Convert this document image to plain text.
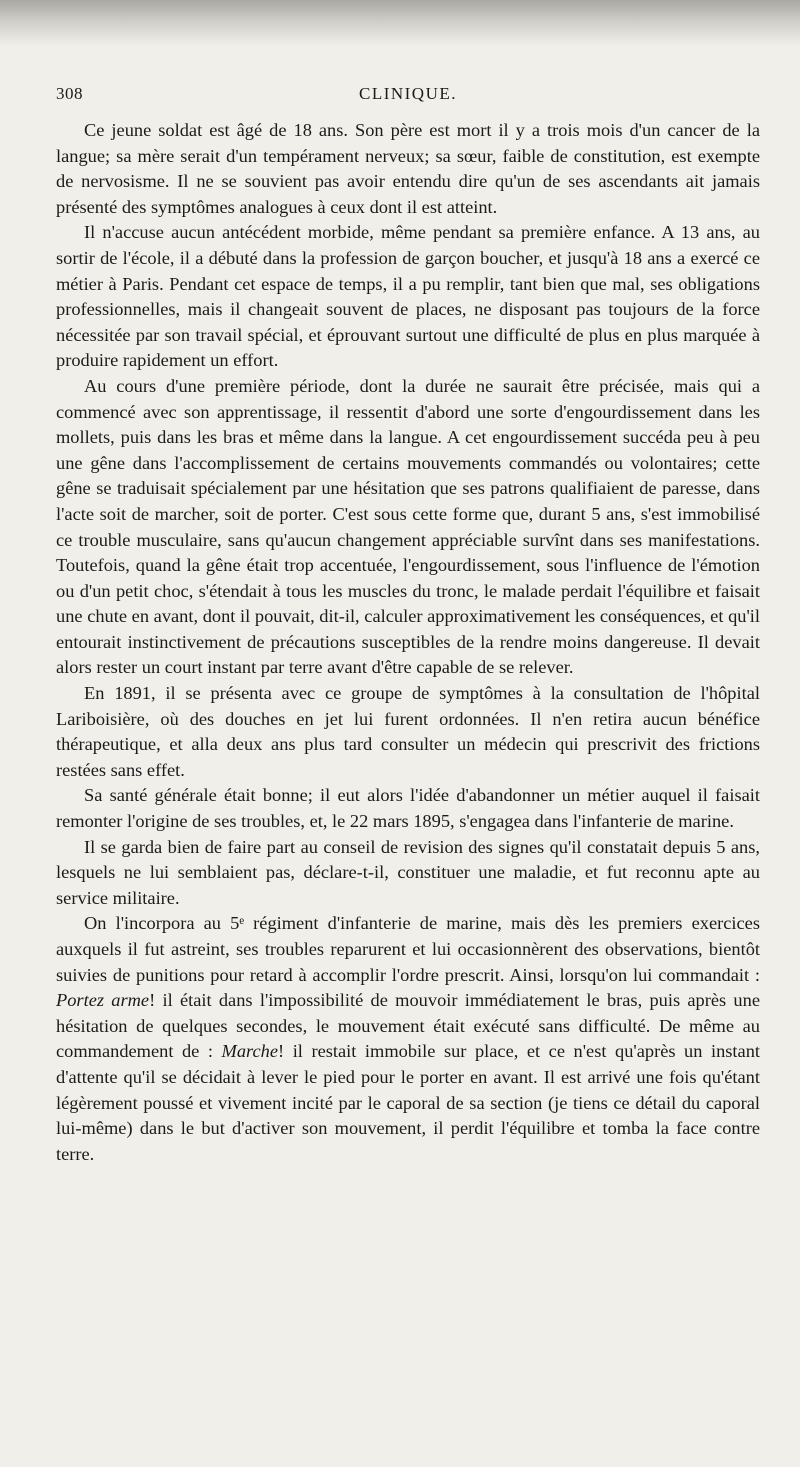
308	CLINIQUE.

Ce jeune soldat est âgé de 18 ans. Son père est mort il y a trois mois d'un cancer de la langue; sa mère serait d'un tempérament nerveux; sa sœur, faible de constitution, est exempte de nervosisme. Il ne se souvient pas avoir entendu dire qu'un de ses ascendants ait jamais présenté des symptômes analogues à ceux dont il est atteint.

Il n'accuse aucun antécédent morbide, même pendant sa première enfance. A 13 ans, au sortir de l'école, il a débuté dans la profession de garçon boucher, et jusqu'à 18 ans a exercé ce métier à Paris. Pendant cet espace de temps, il a pu remplir, tant bien que mal, ses obligations professionnelles, mais il changeait souvent de places, ne disposant pas toujours de la force nécessitée par son travail spécial, et éprouvant surtout une difficulté de plus en plus marquée à produire rapidement un effort.

Au cours d'une première période, dont la durée ne saurait être précisée, mais qui a commencé avec son apprentissage, il ressentit d'abord une sorte d'engourdissement dans les mollets, puis dans les bras et même dans la langue. A cet engourdissement succéda peu à peu une gêne dans l'accomplissement de certains mouvements commandés ou volontaires; cette gêne se traduisait spécialement par une hésitation que ses patrons qualifiaient de paresse, dans l'acte soit de marcher, soit de porter. C'est sous cette forme que, durant 5 ans, s'est immobilisé ce trouble musculaire, sans qu'aucun changement appréciable survînt dans ses manifestations. Toutefois, quand la gêne était trop accentuée, l'engourdissement, sous l'influence de l'émotion ou d'un petit choc, s'étendait à tous les muscles du tronc, le malade perdait l'équilibre et faisait une chute en avant, dont il pouvait, dit-il, calculer approximativement les conséquences, et qu'il entourait instinctivement de précautions susceptibles de la rendre moins dangereuse. Il devait alors rester un court instant par terre avant d'être capable de se relever.

En 1891, il se présenta avec ce groupe de symptômes à la consultation de l'hôpital Lariboisière, où des douches en jet lui furent ordonnées. Il n'en retira aucun bénéfice thérapeutique, et alla deux ans plus tard consulter un médecin qui prescrivit des frictions restées sans effet.

Sa santé générale était bonne; il eut alors l'idée d'abandonner un métier auquel il faisait remonter l'origine de ses troubles, et, le 22 mars 1895, s'engagea dans l'infanterie de marine.

Il se garda bien de faire part au conseil de revision des signes qu'il constatait depuis 5 ans, lesquels ne lui semblaient pas, déclare-t-il, constituer une maladie, et fut reconnu apte au service militaire.

On l'incorpora au 5ᵉ régiment d'infanterie de marine, mais dès les premiers exercices auxquels il fut astreint, ses troubles reparurent et lui occasionnèrent des observations, bientôt suivies de punitions pour retard à accomplir l'ordre prescrit. Ainsi, lorsqu'on lui commandait : Portez arme! il était dans l'impossibilité de mouvoir immédiatement le bras, puis après une hésitation de quelques secondes, le mouvement était exécuté sans difficulté. De même au commandement de : Marche! il restait immobile sur place, et ce n'est qu'après un instant d'attente qu'il se décidait à lever le pied pour le porter en avant. Il est arrivé une fois qu'étant légèrement poussé et vivement incité par le caporal de sa section (je tiens ce détail du caporal lui-même) dans le but d'activer son mouvement, il perdit l'équilibre et tomba la face contre terre.
